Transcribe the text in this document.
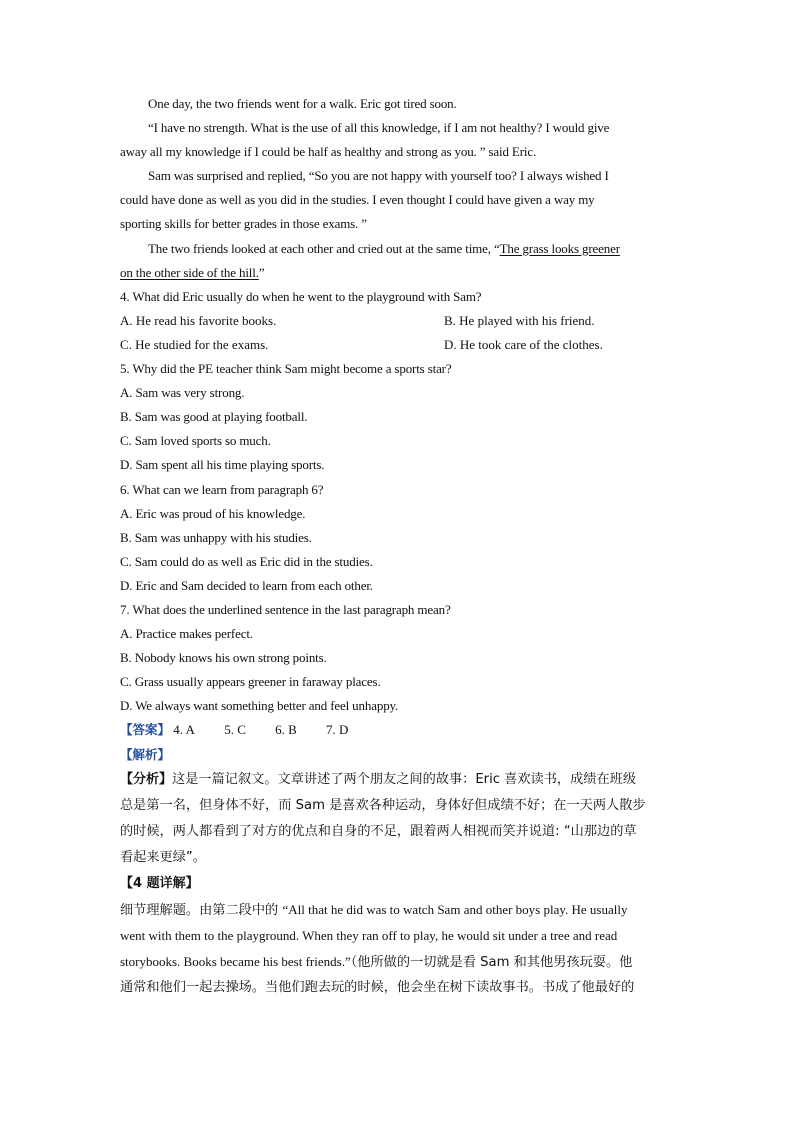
One day, the two friends went for a walk. Eric got tired soon.
“I have no strength. What is the use of all this knowledge, if I am not healthy? I would give
away all my knowledge if I could be half as healthy and strong as you. ” said Eric.
Sam was surprised and replied, “So you are not happy with yourself too? I always wished I
could have done as well as you did in the studies. I even thought I could have given a way my
sporting skills for better grades in those exams. ”
The two friends looked at each other and cried out at the same time, “The grass looks greener
on the other side of the hill.”
4. What did Eric usually do when he went to the playground with Sam?
A. He read his favorite books.	B. He played with his friend.
C. He studied for the exams.	D. He took care of the clothes.
5. Why did the PE teacher think Sam might become a sports star?
A. Sam was very strong.
B. Sam was good at playing football.
C. Sam loved sports so much.
D. Sam spent all his time playing sports.
6. What can we learn from paragraph 6?
A. Eric was proud of his knowledge.
B. Sam was unhappy with his studies.
C. Sam could do as well as Eric did in the studies.
D. Eric and Sam decided to learn from each other.
7. What does the underlined sentence in the last paragraph mean?
A. Practice makes perfect.
B. Nobody knows his own strong points.
C. Grass usually appears greener in faraway places.
D. We always want something better and feel unhappy.
【答案】 4. A 5. C 6. B 7. D
【解析】
【分析】这是一篇记叙文。文章讲述了两个朋友之间的故事：Eric 喜欢读书，成绩在班级
总是第一名，但身体不好，而 Sam 是喜欢各种运动，身体好但成绩不好；在一天两人散步
的时候，两人都看到了对方的优点和自身的不足，跟着两人相视而笑并说道: “山那边的草
看起来更绿”。
【4 题详解】
细节理解题。由第二段中的 “All that he did was to watch Sam and other boys play. He usually
went with them to the playground. When they ran off to play, he would sit under a tree and read
storybooks. Books became his best friends.”（他所做的一切就是看 Sam 和其他男孩玩耍。他
通常和他们一起去操场。当他们跑去玩的时候，他会坐在树下读故事书。书成了他最好的
